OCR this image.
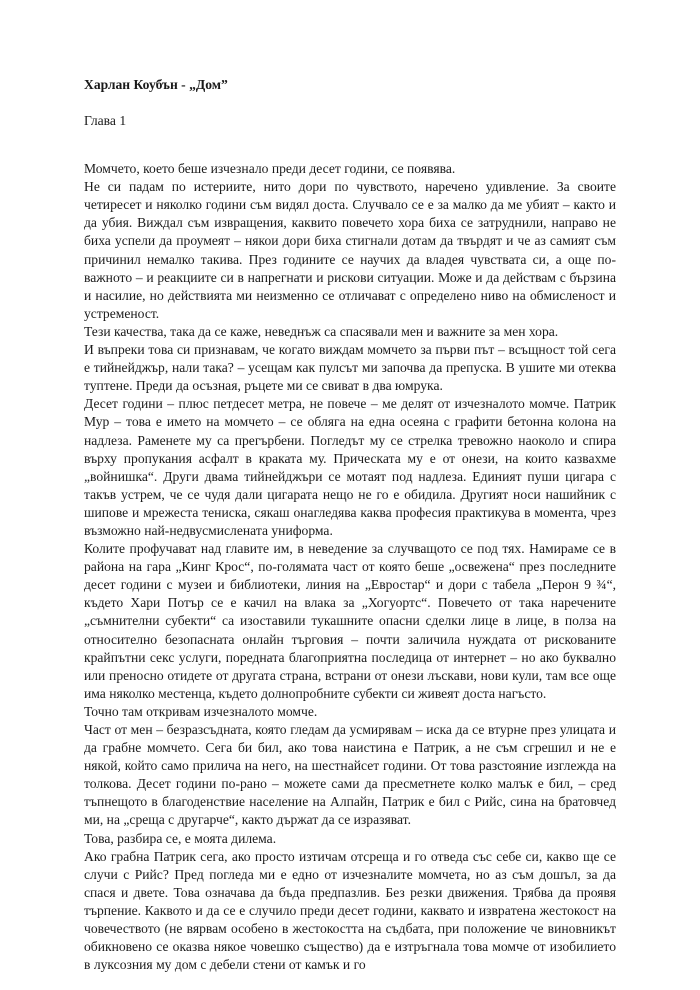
Харлан Коубън - „Дом”

Глава 1

Момчето, което беше изчезнало преди десет години, се появява.

Не си падам по истериите, нито дори по чувството, наречено удивление. За своите четиресет и няколко години съм видял доста. Случвало се е за малко да ме убият – както и да убия. Виждал съм извращения, каквито повечето хора биха се затруднили, направо не биха успели да проумеят – някои дори биха стигнали дотам да твърдят и че аз самият съм причинил немалко такива. През годините се научих да владея чувствата си, а още по-важното – и реакциите си в напрегнати и рискови ситуации. Може и да действам с бързина и насилие, но действията ми неизменно се отличават с определено ниво на обмисленост и устременост.

Тези качества, така да се каже, неведнъж са спасявали мен и важните за мен хора.

И въпреки това си признавам, че когато виждам момчето за първи път – всъщност той сега е тийнейджър, нали така? – усещам как пулсът ми започва да препуска. В ушите ми отеква туптене. Преди да осъзная, ръцете ми се свиват в два юмрука.

Десет години – плюс петдесет метра, не повече – ме делят от изчезналото момче. Патрик Мур – това е името на момчето – се обляга на една осеяна с графити бетонна колона на надлеза. Раменете му са прегърбени. Погледът му се стрелка тревожно наоколо и спира върху пропукания асфалт в краката му. Прическата му е от онези, на които казвахме „войнишка“. Други двама тийнейджъри се мотаят под надлеза. Единият пуши цигара с такъв устрем, че се чудя дали цигарата нещо не го е обидила. Другият носи нашийник с шипове и мрежеста тениска, сякаш онагледява каква професия практикува в момента, чрез възможно най-недвусмислената униформа.

Колите профучават над главите им, в неведение за случващото се под тях. Намираме се в района на гара „Кинг Крос“, по-голямата част от която беше „освежена“ през последните десет години с музеи и библиотеки, линия на „Евростар“ и дори с табела „Перон 9 ¾“, където Хари Потър се е качил на влака за „Хогуортс“. Повечето от така наречените „съмнителни субекти“ са изоставили тукашните опасни сделки лице в лице, в полза на относително безопасната онлайн търговия – почти заличила нуждата от рискованите крайпътни секс услуги, поредната благоприятна последица от интернет – но ако буквално или преносно отидете от другата страна, встрани от онези лъскави, нови кули, там все още има няколко местенца, където долнопробните субекти си живеят доста нагъсто.

Точно там откривам изчезналото момче.

Част от мен – безразсъдната, която гледам да усмирявам – иска да се втурне през улицата и да грабне момчето. Сега би бил, ако това наистина е Патрик, а не съм сгрешил и не е някой, който само прилича на него, на шестнайсет години. От това разстояние изглежда на толкова. Десет години по-рано – можете сами да пресметнете колко малък е бил, – сред тъпнещото в благоденствие население на Алпайн, Патрик е бил с Рийс, сина на братовчед ми, на „среща с другарче“, както държат да се изразяват.

Това, разбира се, е моята дилема.

Ако грабна Патрик сега, ако просто изтичам отсреща и го отведа със себе си, какво ще се случи с Рийс? Пред погледа ми е едно от изчезналите момчета, но аз съм дошъл, за да спася и двете. Това означава да бъда предпазлив. Без резки движения. Трябва да проявя търпение. Каквото и да се е случило преди десет години, каквато и изврaтена жестокост на човечеството (не вярвам особено в жестокостта на съдбата, при положение че виновникът обикновено се оказва някое човешко същество) да е изтръгнала това момче от изобилието в луксозния му дом с дебели стени от камък и го
